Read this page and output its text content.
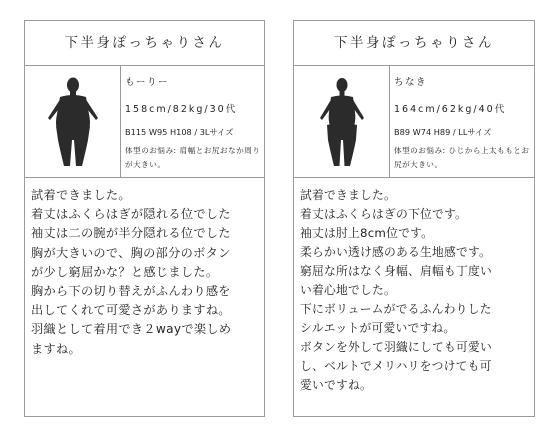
下半身ぽっちゃりさん
もーりー
158cm/82kg/30代
B115 W95 H108 / 3Lサイズ
体型のお悩み: 肩幅とお尻おなか周りが大きい。

試着できました。

着丈はふくらはぎが隠れる位でした

袖丈は二の腕が半分隠れる位でした

胸が大きいので、胸の部分のボタン

が少し窮屈かな？と感じました。

胸から下の切り替えがふんわり感を

出してくれて可愛さがありますね。

羽織として着用でき２wayで楽しめ

ますね。

下半身ぽっちゃりさん
ちなき
164cm/62kg/40代
B89 W74 H89 / LLサイズ
体型のお悩み: ひじから上太ももとお尻が大きい。

試着できました。

着丈はふくらはぎの下位です。

袖丈は肘上8cm位です。

柔らかい透け感のある生地感です。

窮屈な所はなく身幅、肩幅も丁度い

い着心地でした。

下にボリュームがでるふんわりした

シルエットが可愛いですね。

ボタンを外して羽織にしても可愛い

し、ベルトでメリハリをつけても可

愛いですね。
